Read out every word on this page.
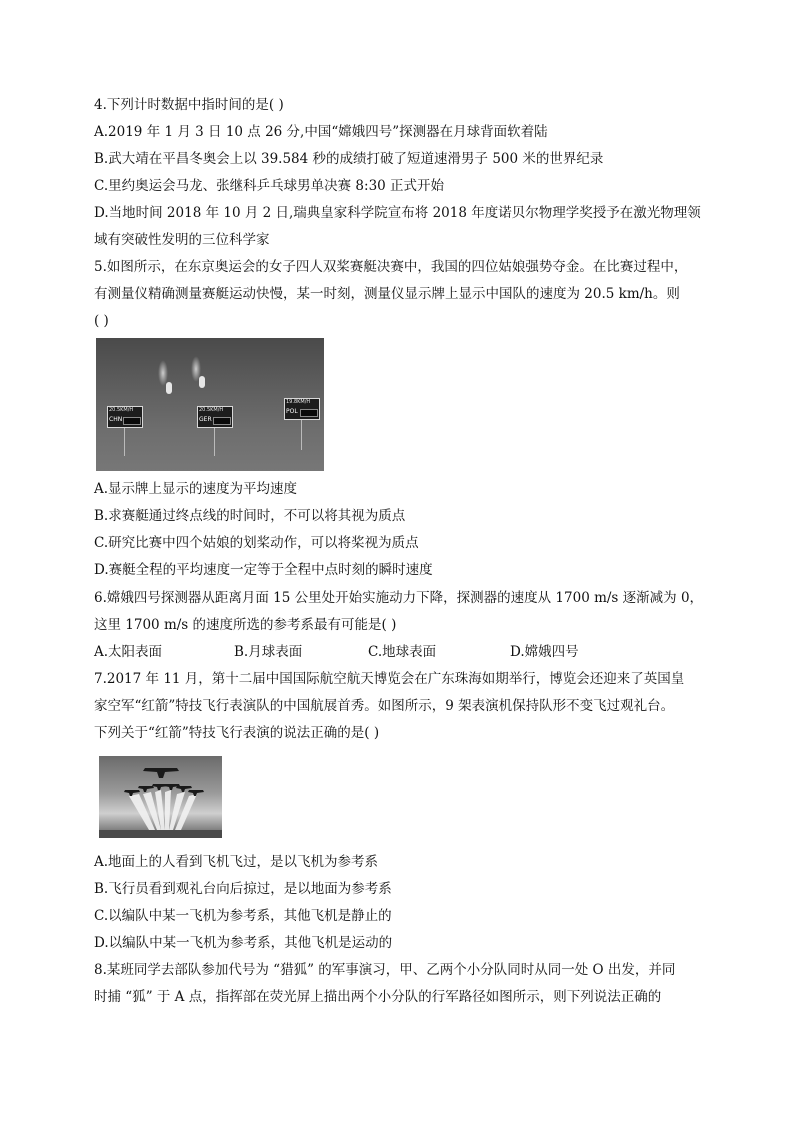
4.下列计时数据中指时间的是( )
A.2019 年 1 月 3 日 10 点 26 分,中国“嫦娥四号”探测器在月球背面软着陆
B.武大靖在平昌冬奥会上以 39.584 秒的成绩打破了短道速滑男子 500 米的世界纪录
C.里约奥运会马龙、张继科乒乓球男单决赛 8:30 正式开始
D.当地时间 2018 年 10 月 2 日,瑞典皇家科学院宣布将 2018 年度诺贝尔物理学奖授予在激光物理领
域有突破性发明的三位科学家
5.如图所示，在东京奥运会的女子四人双桨赛艇决赛中，我国的四位姑娘强势夺金。在比赛过程中，
有测量仪精确测量赛艇运动快慢，某一时刻，测量仪显示牌上显示中国队的速度为 20.5 km/h。则
( )
20.5KM/H
CHN
20.5KM/H
GER
19.8KM/H
POL
A.显示牌上显示的速度为平均速度
B.求赛艇通过终点线的时间时，不可以将其视为质点
C.研究比赛中四个姑娘的划桨动作，可以将桨视为质点
D.赛艇全程的平均速度一定等于全程中点时刻的瞬时速度
6.嫦娥四号探测器从距离月面 15 公里处开始实施动力下降，探测器的速度从 1700 m/s 逐渐减为 0，
这里 1700 m/s 的速度所选的参考系最有可能是( )
A.太阳表面	B.月球表面	C.地球表面	D.嫦娥四号
7.2017 年 11 月，第十二届中国国际航空航天博览会在广东珠海如期举行，博览会还迎来了英国皇
家空军“红箭”特技飞行表演队的中国航展首秀。如图所示，9 架表演机保持队形不变飞过观礼台。
下列关于“红箭”特技飞行表演的说法正确的是( )
A.地面上的人看到飞机飞过，是以飞机为参考系
B.飞行员看到观礼台向后掠过，是以地面为参考系
C.以编队中某一飞机为参考系，其他飞机是静止的
D.以编队中某一飞机为参考系，其他飞机是运动的
8.某班同学去部队参加代号为 “猎狐” 的军事演习，甲、乙两个小分队同时从同一处 O 出发，并同
时捕 “狐” 于 A 点，指挥部在荧光屏上描出两个小分队的行军路径如图所示，则下列说法正确的
